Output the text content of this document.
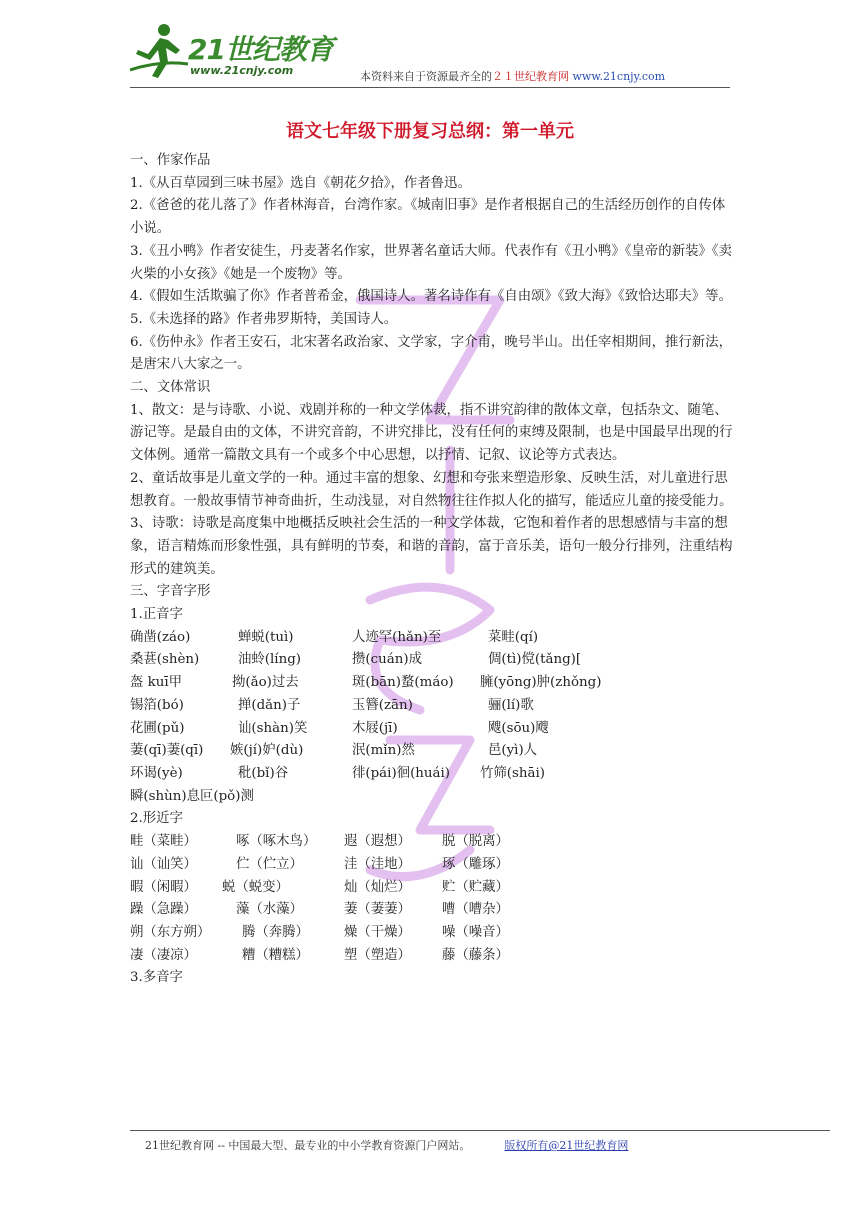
21世纪教育
www.21cnjy.com	本资料来自于资源最齐全的２１世纪教育网 www.21cnjy.com
语文七年级下册复习总纲：第一单元

一、作家作品

1.《从百草园到三味书屋》选自《朝花夕拾》，作者鲁迅。

2.《爸爸的花儿落了》作者林海音，台湾作家。《城南旧事》是作者根据自己的生活经历创作的自传体小说。

3.《丑小鸭》作者安徒生，丹麦著名作家，世界著名童话大师。代表作有《丑小鸭》《皇帝的新装》《卖火柴的小女孩》《她是一个废物》等。

4.《假如生活欺骗了你》作者普希金，俄国诗人。著名诗作有《自由颂》《致大海》《致恰达耶夫》等。

5.《未选择的路》作者弗罗斯特，美国诗人。

6.《伤仲永》作者王安石，北宋著名政治家、文学家，字介甫，晚号半山。出任宰相期间，推行新法，是唐宋八大家之一。

二、文体常识

1、散文：是与诗歌、小说、戏剧并称的一种文学体裁，指不讲究韵律的散体文章，包括杂文、随笔、游记等。是最自由的文体，不讲究音韵，不讲究排比，没有任何的束缚及限制，也是中国最早出现的行文体例。通常一篇散文具有一个或多个中心思想，以抒情、记叙、议论等方式表达。

2、童话故事是儿童文学的一种。通过丰富的想象、幻想和夸张来塑造形象、反映生活，对儿童进行思想教育。一般故事情节神奇曲折，生动浅显，对自然物往往作拟人化的描写，能适应儿童的接受能力。

3、诗歌：诗歌是高度集中地概括反映社会生活的一种文学体裁，它饱和着作者的思想感情与丰富的想象，语言精炼而形象性强，具有鲜明的节奏，和谐的音韵，富于音乐美，语句一般分行排列，注重结构形式的建筑美。

三、字音字形

1.正音字

确凿(záo)	蝉蜕(tuì)	人迹罕(hǎn)至	菜畦(qí)
桑葚(shèn)	油蛉(líng)	攒(cuán)成	倜(tì)傥(tǎng)[
盔 kuī甲	拗(ǎo)过去	斑(bān)蝥(máo)	臃(yōng)肿(zhǒng)
锡箔(bó)	掸(dǎn)子	玉簪(zān)	骊(lí)歌
花圃(pǔ)	讪(shàn)笑	木屐(jī)	飕(sōu)飕
萋(qī)萋(qī)	嫉(jí)妒(dù)	泯(mǐn)然	邑(yì)人
环谒(yè)	秕(bǐ)谷	徘(pái)徊(huái)	竹筛(shāi)

瞬(shùn)息叵(pǒ)测

2.形近字

畦（菜畦）	啄（啄木鸟）	遐（遐想）	脱（脱离）
讪（讪笑）	伫（伫立）	洼（洼地）	琢（雕琢）
暇（闲暇）	蜕（蜕变）	灿（灿烂）	贮（贮藏）
躁（急躁）	藻（水藻）	萋（萋萋）	嘈（嘈杂）
朔（东方朔）	腾（奔腾）	燥（干燥）	噪（噪音）
凄（凄凉）	糟（糟糕）	塑（塑造）	藤（藤条）

3.多音字

21世纪教育网 -- 中国最大型、最专业的中小学教育资源门户网站。	版权所有@21世纪教育网
